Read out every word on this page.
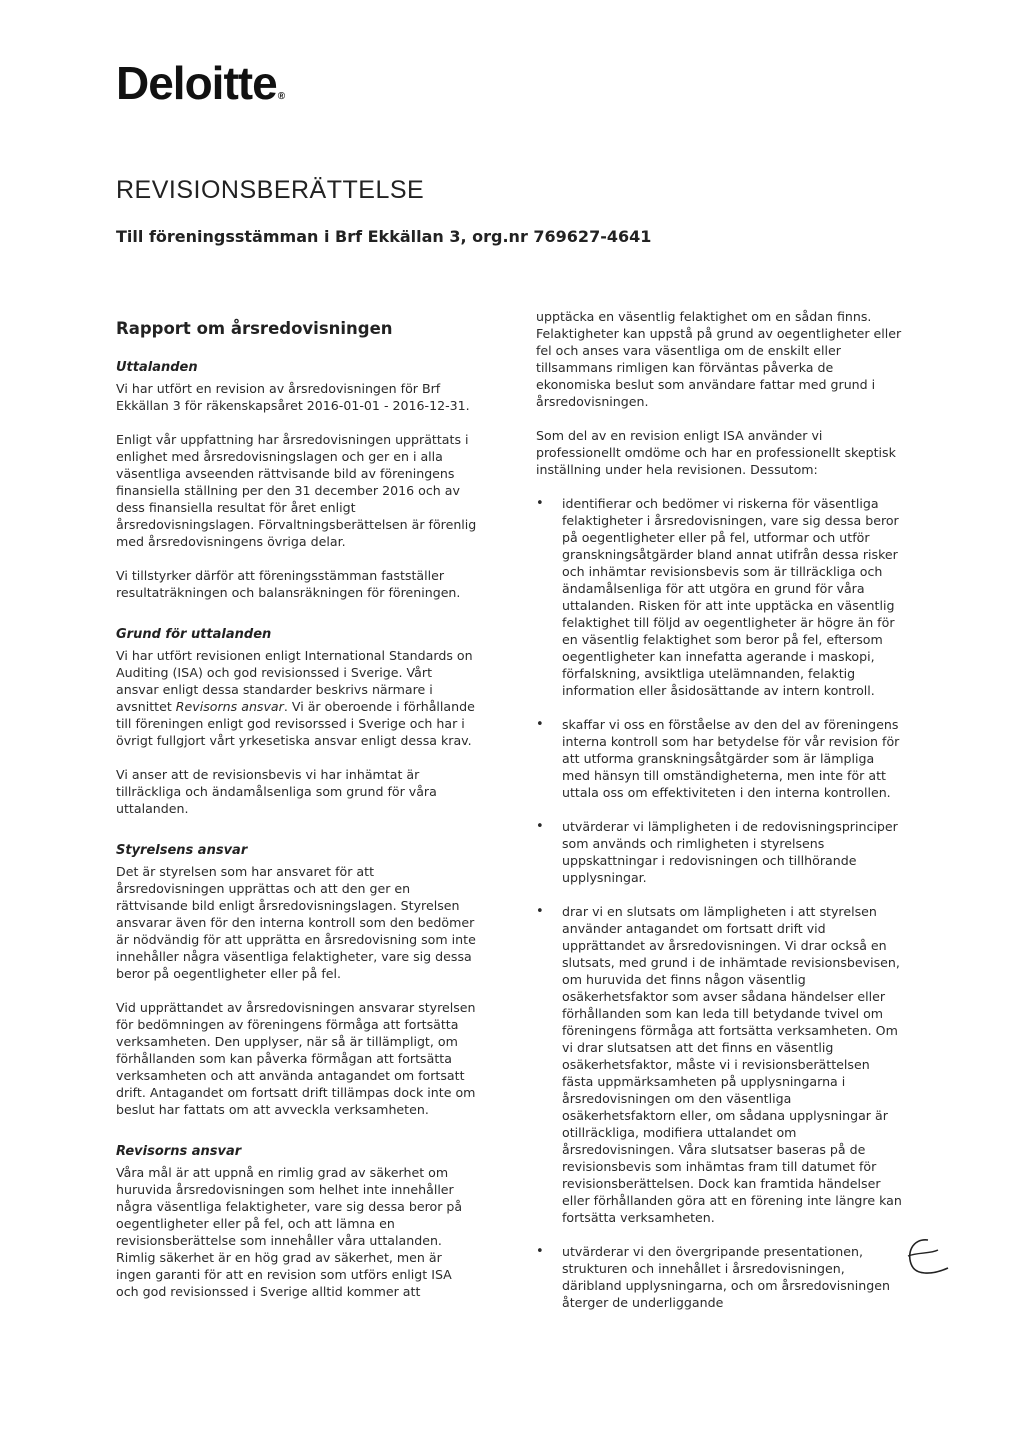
Deloitte®
REVISIONSBERÄTTELSE
Till föreningsstämman i Brf Ekkällan 3, org.nr 769627-4641
Rapport om årsredovisningen
Uttalanden

Vi har utfört en revision av årsredovisningen för Brf Ekkällan 3 för räkenskapsåret 2016-01-01 - 2016-12-31.

Enligt vår uppfattning har årsredovisningen upprättats i enlighet med årsredovisningslagen och ger en i alla väsentliga avseenden rättvisande bild av föreningens finansiella ställning per den 31 december 2016 och av dess finansiella resultat för året enligt årsredovisningslagen. Förvaltningsberättelsen är förenlig med årsredovisningens övriga delar.

Vi tillstyrker därför att föreningsstämman fastställer resultaträkningen och balansräkningen för föreningen.

Grund för uttalanden

Vi har utfört revisionen enligt International Standards on Auditing (ISA) och god revisionssed i Sverige. Vårt ansvar enligt dessa standarder beskrivs närmare i avsnittet Revisorns ansvar. Vi är oberoende i förhållande till föreningen enligt god revisorssed i Sverige och har i övrigt fullgjort vårt yrkesetiska ansvar enligt dessa krav.

Vi anser att de revisionsbevis vi har inhämtat är tillräckliga och ändamålsenliga som grund för våra uttalanden.

Styrelsens ansvar

Det är styrelsen som har ansvaret för att årsredovisningen upprättas och att den ger en rättvisande bild enligt årsredovisningslagen. Styrelsen ansvarar även för den interna kontroll som den bedömer är nödvändig för att upprätta en årsredovisning som inte innehåller några väsentliga felaktigheter, vare sig dessa beror på oegentligheter eller på fel.

Vid upprättandet av årsredovisningen ansvarar styrelsen för bedömningen av föreningens förmåga att fortsätta verksamheten. Den upplyser, när så är tillämpligt, om förhållanden som kan påverka förmågan att fortsätta verksamheten och att använda antagandet om fortsatt drift. Antagandet om fortsatt drift tillämpas dock inte om beslut har fattats om att avveckla verksamheten.

Revisorns ansvar

Våra mål är att uppnå en rimlig grad av säkerhet om huruvida årsredovisningen som helhet inte innehåller några väsentliga felaktigheter, vare sig dessa beror på oegentligheter eller på fel, och att lämna en revisionsberättelse som innehåller våra uttalanden. Rimlig säkerhet är en hög grad av säkerhet, men är ingen garanti för att en revision som utförs enligt ISA och god revisionssed i Sverige alltid kommer att

upptäcka en väsentlig felaktighet om en sådan finns. Felaktigheter kan uppstå på grund av oegentligheter eller fel och anses vara väsentliga om de enskilt eller tillsammans rimligen kan förväntas påverka de ekonomiska beslut som användare fattar med grund i årsredovisningen.

Som del av en revision enligt ISA använder vi professionellt omdöme och har en professionellt skeptisk inställning under hela revisionen. Dessutom:

• identifierar och bedömer vi riskerna för väsentliga felaktigheter i årsredovisningen, vare sig dessa beror på oegentligheter eller på fel, utformar och utför granskningsåtgärder bland annat utifrån dessa risker och inhämtar revisionsbevis som är tillräckliga och ändamålsenliga för att utgöra en grund för våra uttalanden. Risken för att inte upptäcka en väsentlig felaktighet till följd av oegentligheter är högre än för en väsentlig felaktighet som beror på fel, eftersom oegentligheter kan innefatta agerande i maskopi, förfalskning, avsiktliga utelämnanden, felaktig information eller åsidosättande av intern kontroll.
• skaffar vi oss en förståelse av den del av föreningens interna kontroll som har betydelse för vår revision för att utforma granskningsåtgärder som är lämpliga med hänsyn till omständigheterna, men inte för att uttala oss om effektiviteten i den interna kontrollen.
• utvärderar vi lämpligheten i de redovisningsprinciper som används och rimligheten i styrelsens uppskattningar i redovisningen och tillhörande upplysningar.
• drar vi en slutsats om lämpligheten i att styrelsen använder antagandet om fortsatt drift vid upprättandet av årsredovisningen. Vi drar också en slutsats, med grund i de inhämtade revisionsbevisen, om huruvida det finns någon väsentlig osäkerhetsfaktor som avser sådana händelser eller förhållanden som kan leda till betydande tvivel om föreningens förmåga att fortsätta verksamheten. Om vi drar slutsatsen att det finns en väsentlig osäkerhetsfaktor, måste vi i revisionsberättelsen fästa uppmärksamheten på upplysningarna i årsredovisningen om den väsentliga osäkerhetsfaktorn eller, om sådana upplysningar är otillräckliga, modifiera uttalandet om årsredovisningen. Våra slutsatser baseras på de revisionsbevis som inhämtas fram till datumet för revisionsberättelsen. Dock kan framtida händelser eller förhållanden göra att en förening inte längre kan fortsätta verksamheten.
• utvärderar vi den övergripande presentationen, strukturen och innehållet i årsredovisningen, däribland upplysningarna, och om årsredovisningen återger de underliggande
